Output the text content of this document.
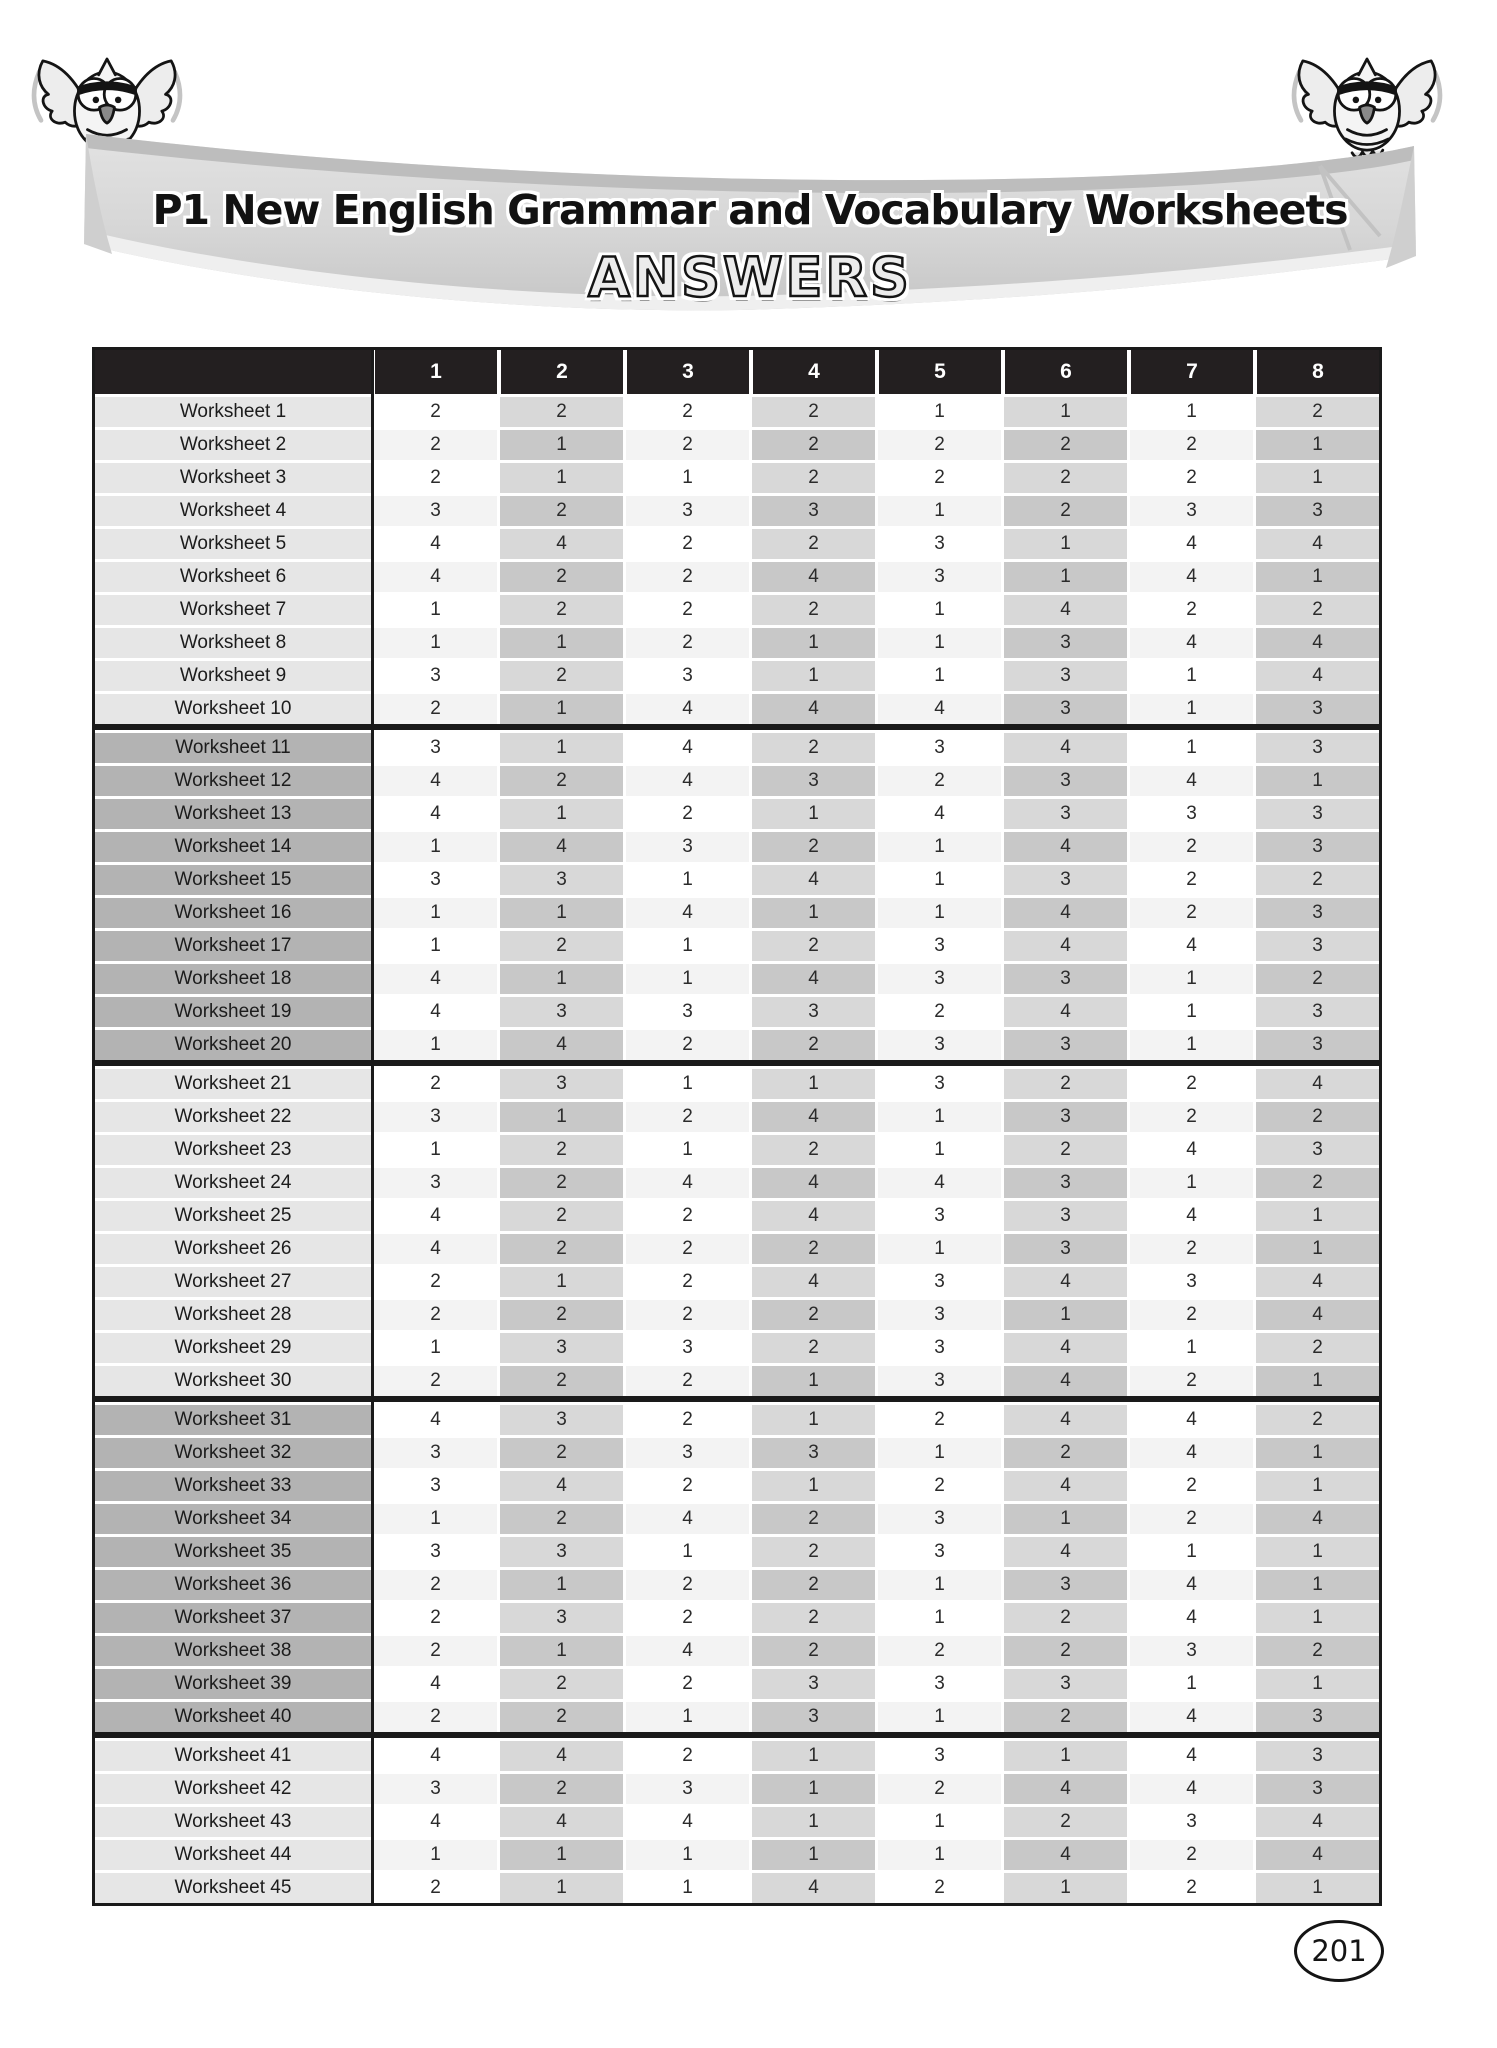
P1 New English Grammar and Vocabulary Worksheets
ANSWERS
1	2	3	4	5	6	7	8
Worksheet 1	2	2	2	2	1	1	1	2
Worksheet 2	2	1	2	2	2	2	2	1
Worksheet 3	2	1	1	2	2	2	2	1
Worksheet 4	3	2	3	3	1	2	3	3
Worksheet 5	4	4	2	2	3	1	4	4
Worksheet 6	4	2	2	4	3	1	4	1
Worksheet 7	1	2	2	2	1	4	2	2
Worksheet 8	1	1	2	1	1	3	4	4
Worksheet 9	3	2	3	1	1	3	1	4
Worksheet 10	2	1	4	4	4	3	1	3
Worksheet 11	3	1	4	2	3	4	1	3
Worksheet 12	4	2	4	3	2	3	4	1
Worksheet 13	4	1	2	1	4	3	3	3
Worksheet 14	1	4	3	2	1	4	2	3
Worksheet 15	3	3	1	4	1	3	2	2
Worksheet 16	1	1	4	1	1	4	2	3
Worksheet 17	1	2	1	2	3	4	4	3
Worksheet 18	4	1	1	4	3	3	1	2
Worksheet 19	4	3	3	3	2	4	1	3
Worksheet 20	1	4	2	2	3	3	1	3
Worksheet 21	2	3	1	1	3	2	2	4
Worksheet 22	3	1	2	4	1	3	2	2
Worksheet 23	1	2	1	2	1	2	4	3
Worksheet 24	3	2	4	4	4	3	1	2
Worksheet 25	4	2	2	4	3	3	4	1
Worksheet 26	4	2	2	2	1	3	2	1
Worksheet 27	2	1	2	4	3	4	3	4
Worksheet 28	2	2	2	2	3	1	2	4
Worksheet 29	1	3	3	2	3	4	1	2
Worksheet 30	2	2	2	1	3	4	2	1
Worksheet 31	4	3	2	1	2	4	4	2
Worksheet 32	3	2	3	3	1	2	4	1
Worksheet 33	3	4	2	1	2	4	2	1
Worksheet 34	1	2	4	2	3	1	2	4
Worksheet 35	3	3	1	2	3	4	1	1
Worksheet 36	2	1	2	2	1	3	4	1
Worksheet 37	2	3	2	2	1	2	4	1
Worksheet 38	2	1	4	2	2	2	3	2
Worksheet 39	4	2	2	3	3	3	1	1
Worksheet 40	2	2	1	3	1	2	4	3
Worksheet 41	4	4	2	1	3	1	4	3
Worksheet 42	3	2	3	1	2	4	4	3
Worksheet 43	4	4	4	1	1	2	3	4
Worksheet 44	1	1	1	1	1	4	2	4
Worksheet 45	2	1	1	4	2	1	2	1
201
